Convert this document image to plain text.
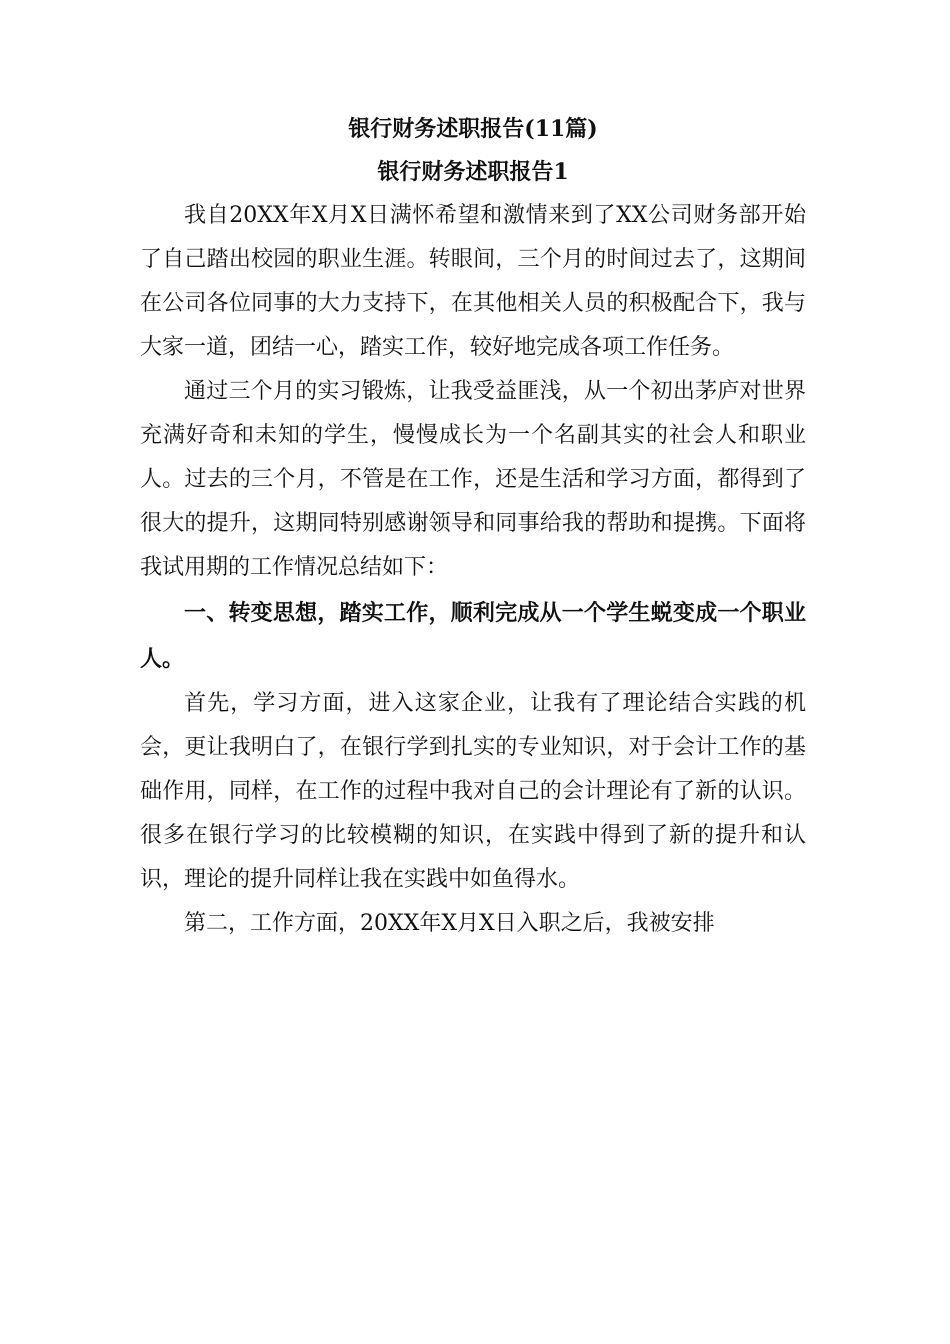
银行财务述职报告(11篇)
银行财务述职报告1

我自20XX年X月X日满怀希望和激情来到了XX公司财务部开始了自己踏出校园的职业生涯。转眼间，三个月的时间过去了，这期间在公司各位同事的大力支持下，在其他相关人员的积极配合下，我与大家一道，团结一心，踏实工作，较好地完成各项工作任务。

通过三个月的实习锻炼，让我受益匪浅，从一个初出茅庐对世界充满好奇和未知的学生，慢慢成长为一个名副其实的社会人和职业人。过去的三个月，不管是在工作，还是生活和学习方面，都得到了很大的提升，这期同特别感谢领导和同事给我的帮助和提携。下面将我试用期的工作情况总结如下：

一、转变思想，踏实工作，顺利完成从一个学生蜕变成一个职业人。

首先，学习方面，进入这家企业，让我有了理论结合实践的机会，更让我明白了，在银行学到扎实的专业知识，对于会计工作的基础作用，同样，在工作的过程中我对自己的会计理论有了新的认识。很多在银行学习的比较模糊的知识，在实践中得到了新的提升和认识，理论的提升同样让我在实践中如鱼得水。

第二，工作方面，20XX年X月X日入职之后，我被安排
